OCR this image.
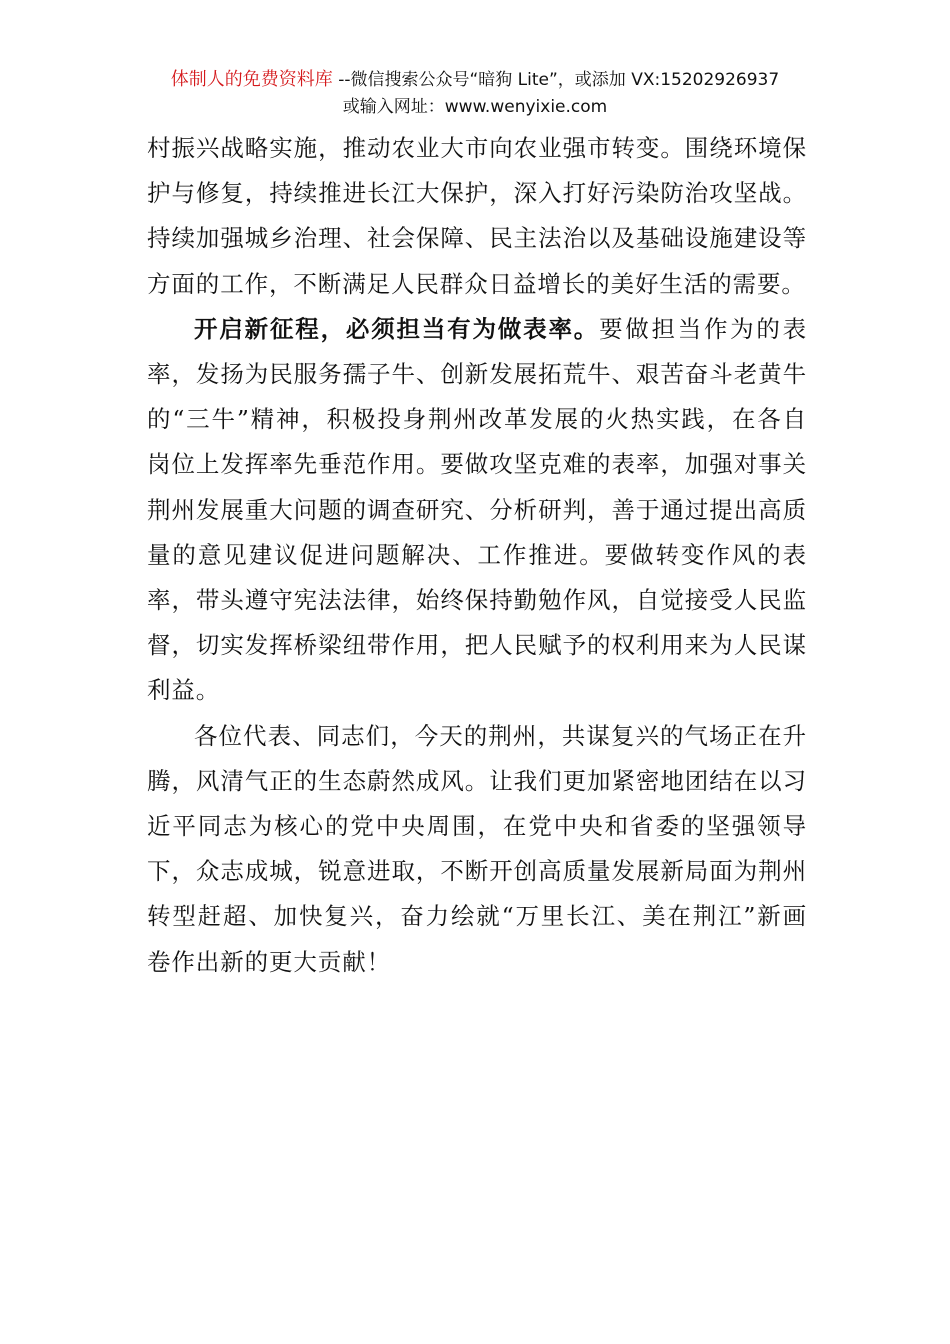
体制人的免费资料库 --微信搜索公众号“暗狗 Lite”，或添加 VX:15202926937
或输入网址：www.wenyixie.com

村振兴战略实施，推动农业大市向农业强市转变。围绕环境保护与修复，持续推进长江大保护，深入打好污染防治攻坚战。持续加强城乡治理、社会保障、民主法治以及基础设施建设等方面的工作，不断满足人民群众日益增长的美好生活的需要。

开启新征程，必须担当有为做表率。要做担当作为的表率，发扬为民服务孺子牛、创新发展拓荒牛、艰苦奋斗老黄牛的“三牛”精神，积极投身荆州改革发展的火热实践，在各自岗位上发挥率先垂范作用。要做攻坚克难的表率，加强对事关荆州发展重大问题的调查研究、分析研判，善于通过提出高质量的意见建议促进问题解决、工作推进。要做转变作风的表率，带头遵守宪法法律，始终保持勤勉作风，自觉接受人民监督，切实发挥桥梁纽带作用，把人民赋予的权利用来为人民谋利益。

各位代表、同志们，今天的荆州，共谋复兴的气场正在升腾，风清气正的生态蔚然成风。让我们更加紧密地团结在以习近平同志为核心的党中央周围，在党中央和省委的坚强领导下，众志成城，锐意进取，不断开创高质量发展新局面为荆州转型赶超、加快复兴，奋力绘就“万里长江、美在荆江”新画卷作出新的更大贡献！
